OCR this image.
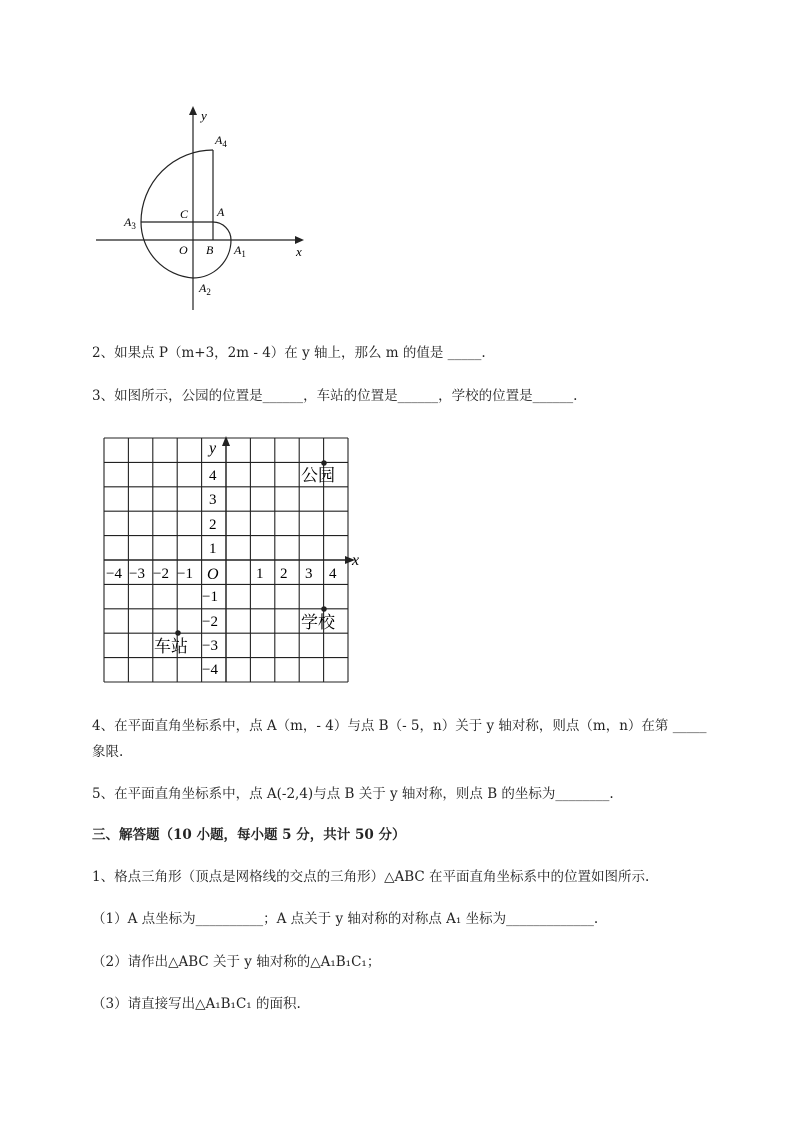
y
x
$A_4$
C A
$A_3$
O B $A_1$
$A_2$
2、如果点 P（m+3，2m - 4）在 y 轴上，那么 m 的值是 _____.
3、如图所示，公园的位置是______，车站的位置是______，学校的位置是______.
x
y
O
−4 −3 −2 −1	1 2 3 4
4
3
2
1
−1
−2
−3
−4
公园
学校
车站
4、在平面直角坐标系中，点 A（m，- 4）与点 B（- 5，n）关于 y 轴对称，则点（m，n）在第 _____
象限.
5、在平面直角坐标系中，点 A(-2,4)与点 B 关于 y 轴对称，则点 B 的坐标为________.
三、解答题（10 小题，每小题 5 分，共计 50 分）
1、格点三角形（顶点是网格线的交点的三角形）△ABC 在平面直角坐标系中的位置如图所示.
（1）A 点坐标为__________；A 点关于 y 轴对称的对称点 A₁ 坐标为_____________.
（2）请作出△ABC 关于 y 轴对称的△A₁B₁C₁；
（3）请直接写出△A₁B₁C₁ 的面积.
